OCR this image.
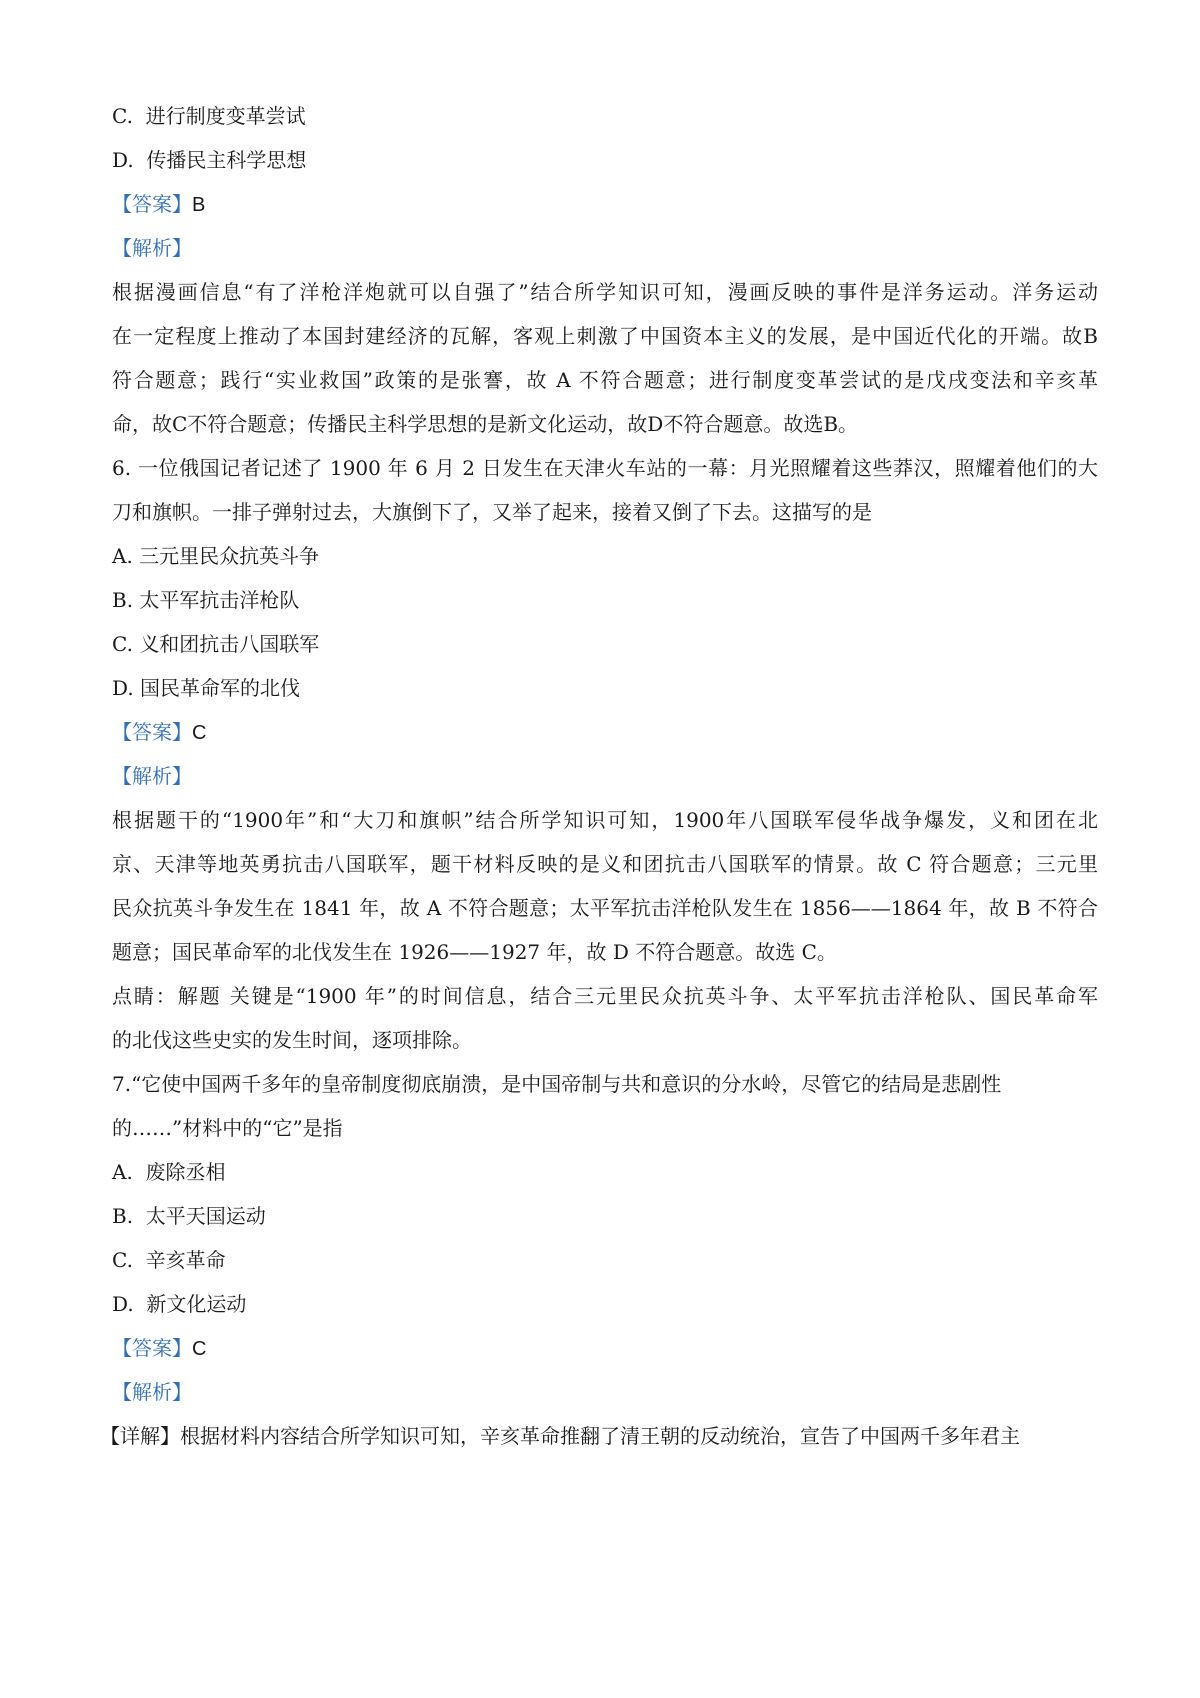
C. 进行制度变革尝试
D. 传播民主科学思想
【答案】B
【解析】
根据漫画信息“有了洋枪洋炮就可以自强了”结合所学知识可知，漫画反映的事件是洋务运动。洋务运动
在一定程度上推动了本国封建经济的瓦解，客观上刺激了中国资本主义的发展，是中国近代化的开端。故B
符合题意；践行“实业救国”政策的是张謇，故 A 不符合题意；进行制度变革尝试的是戊戌变法和辛亥革
命，故C不符合题意；传播民主科学思想的是新文化运动，故D不符合题意。故选B。
6. 一位俄国记者记述了 1900 年 6 月 2 日发生在天津火车站的一幕：月光照耀着这些莽汉，照耀着他们的大
刀和旗帜。一排子弹射过去，大旗倒下了，又举了起来，接着又倒了下去。这描写的是
A. 三元里民众抗英斗争
B. 太平军抗击洋枪队
C. 义和团抗击八国联军
D. 国民革命军的北伐
【答案】C
【解析】
根据题干的“1900年”和“大刀和旗帜”结合所学知识可知，1900年八国联军侵华战争爆发，义和团在北
京、天津等地英勇抗击八国联军，题干材料反映的是义和团抗击八国联军的情景。故 C 符合题意；三元里
民众抗英斗争发生在 1841 年，故 A 不符合题意；太平军抗击洋枪队发生在 1856——1864 年，故 B 不符合
题意；国民革命军的北伐发生在 1926——1927 年，故 D 不符合题意。故选 C。
点睛：解题 关键是“1900 年”的时间信息，结合三元里民众抗英斗争、太平军抗击洋枪队、国民革命军
的北伐这些史实的发生时间，逐项排除。
7.“它使中国两千多年的皇帝制度彻底崩溃，是中国帝制与共和意识的分水岭，尽管它的结局是悲剧性
的……”材料中的“它”是指
A. 废除丞相
B. 太平天国运动
C. 辛亥革命
D. 新文化运动
【答案】C
【解析】
【详解】根据材料内容结合所学知识可知，辛亥革命推翻了清王朝的反动统治，宣告了中国两千多年君主
